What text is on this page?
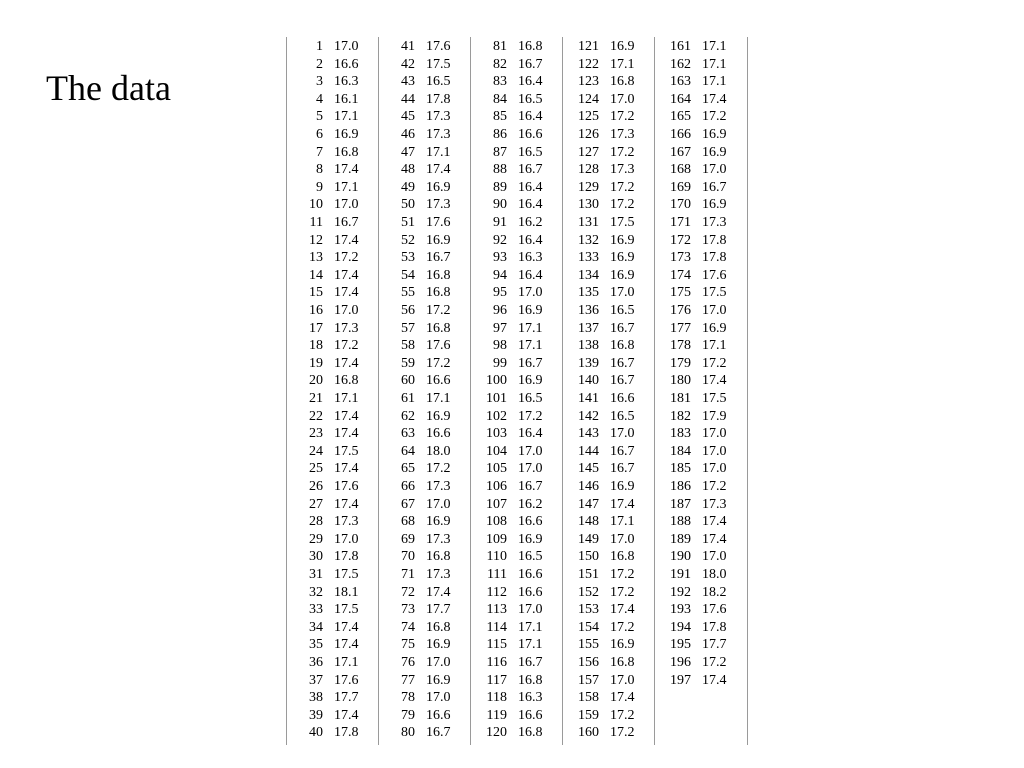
The data
1 17.0
2 16.6
3 16.3
4 16.1
5 17.1
6 16.9
7 16.8
8 17.4
9 17.1
10 17.0
11 16.7
12 17.4
13 17.2
14 17.4
15 17.4
16 17.0
17 17.3
18 17.2
19 17.4
20 16.8
21 17.1
22 17.4
23 17.4
24 17.5
25 17.4
26 17.6
27 17.4
28 17.3
29 17.0
30 17.8
31 17.5
32 18.1
33 17.5
34 17.4
35 17.4
36 17.1
37 17.6
38 17.7
39 17.4
40 17.8
41 17.6
42 17.5
43 16.5
44 17.8
45 17.3
46 17.3
47 17.1
48 17.4
49 16.9
50 17.3
51 17.6
52 16.9
53 16.7
54 16.8
55 16.8
56 17.2
57 16.8
58 17.6
59 17.2
60 16.6
61 17.1
62 16.9
63 16.6
64 18.0
65 17.2
66 17.3
67 17.0
68 16.9
69 17.3
70 16.8
71 17.3
72 17.4
73 17.7
74 16.8
75 16.9
76 17.0
77 16.9
78 17.0
79 16.6
80 16.7
81 16.8
82 16.7
83 16.4
84 16.5
85 16.4
86 16.6
87 16.5
88 16.7
89 16.4
90 16.4
91 16.2
92 16.4
93 16.3
94 16.4
95 17.0
96 16.9
97 17.1
98 17.1
99 16.7
100 16.9
101 16.5
102 17.2
103 16.4
104 17.0
105 17.0
106 16.7
107 16.2
108 16.6
109 16.9
110 16.5
111 16.6
112 16.6
113 17.0
114 17.1
115 17.1
116 16.7
117 16.8
118 16.3
119 16.6
120 16.8
121 16.9
122 17.1
123 16.8
124 17.0
125 17.2
126 17.3
127 17.2
128 17.3
129 17.2
130 17.2
131 17.5
132 16.9
133 16.9
134 16.9
135 17.0
136 16.5
137 16.7
138 16.8
139 16.7
140 16.7
141 16.6
142 16.5
143 17.0
144 16.7
145 16.7
146 16.9
147 17.4
148 17.1
149 17.0
150 16.8
151 17.2
152 17.2
153 17.4
154 17.2
155 16.9
156 16.8
157 17.0
158 17.4
159 17.2
160 17.2
161 17.1
162 17.1
163 17.1
164 17.4
165 17.2
166 16.9
167 16.9
168 17.0
169 16.7
170 16.9
171 17.3
172 17.8
173 17.8
174 17.6
175 17.5
176 17.0
177 16.9
178 17.1
179 17.2
180 17.4
181 17.5
182 17.9
183 17.0
184 17.0
185 17.0
186 17.2
187 17.3
188 17.4
189 17.4
190 17.0
191 18.0
192 18.2
193 17.6
194 17.8
195 17.7
196 17.2
197 17.4
